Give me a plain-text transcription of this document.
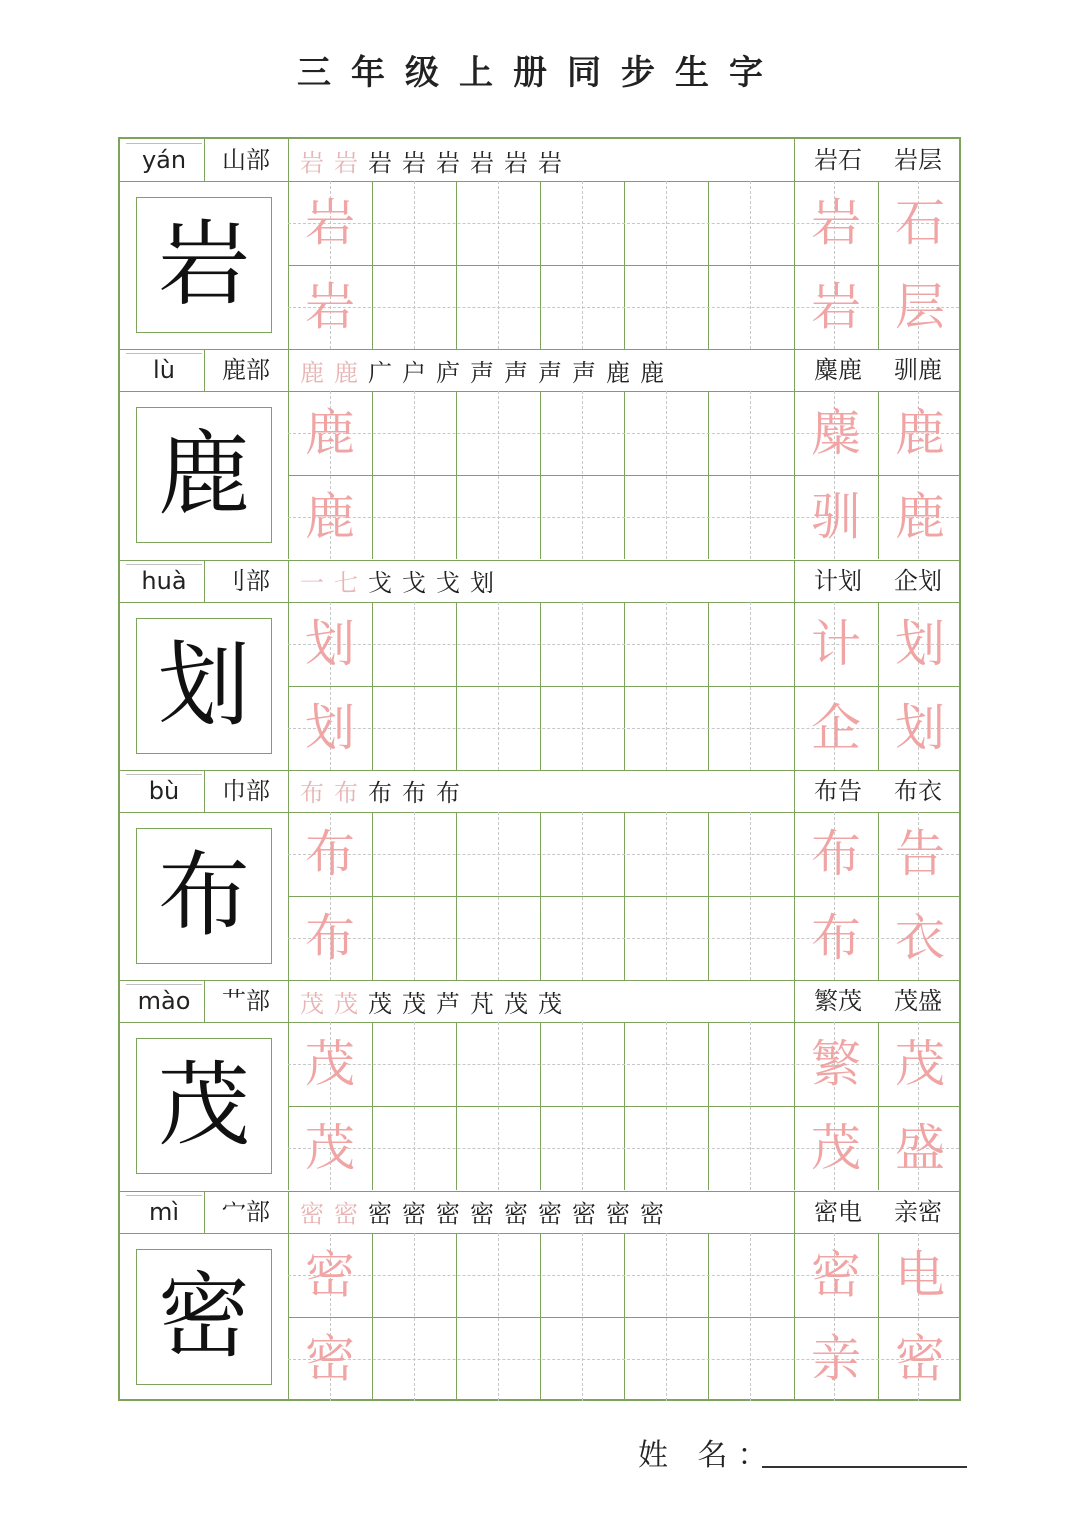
三年级上册同步生字
yán	山部	岩 岩 岩 岩 岩 岩 岩 岩	岩石 岩层
岩	岩	岩 石
岩	岩 层
lù	鹿部	鹿 鹿 广 户 庐 声 声 声 声 鹿 鹿	麋鹿 驯鹿
鹿	鹿	麋 鹿
鹿	驯 鹿
huà	刂部	一 七 戈 戈 戈 划	计划 企划
划	划	计 划
划	企 划
bù	巾部	布 布 布 布 布	布告 布衣
布	布	布 告
布	布 衣
mào	艹部	茂 茂 茂 茂 芦 芃 茂 茂	繁茂 茂盛
茂	茂	繁 茂
茂	茂 盛
mì	宀部	密 密 密 密 密 密 密 密 密 密 密	密电 亲密
密	密	密 电
密	亲 密
姓 名：
